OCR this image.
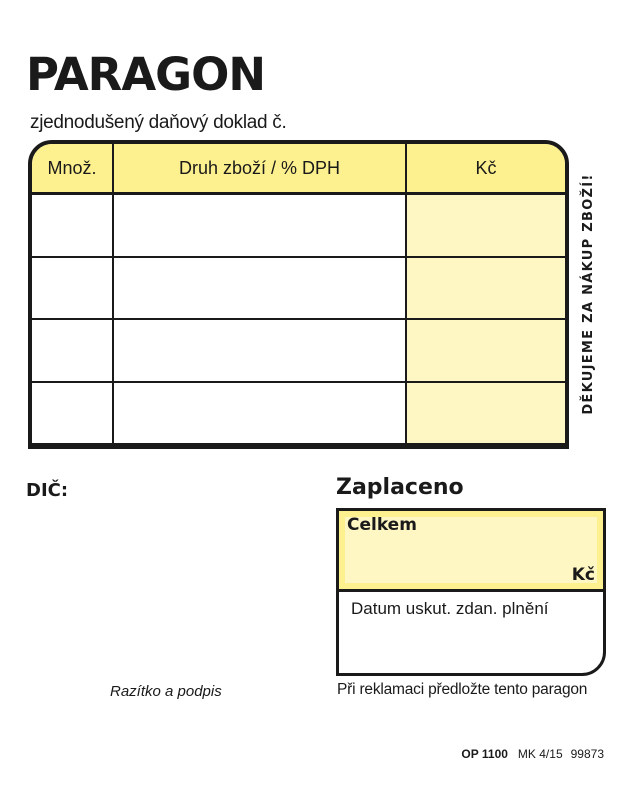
PARAGON
zjednodušený daňový doklad č.
Množ.	Druh zboží / % DPH	Kč

DĚKUJEME ZA NÁKUP ZBOŽÍ!
DIČ:	Zaplaceno
Celkem
Kč
Datum uskut. zdan. plnění
Razítko a podpis	Při reklamaci předložte tento paragon
OP 1100 MK 4/15 99873
